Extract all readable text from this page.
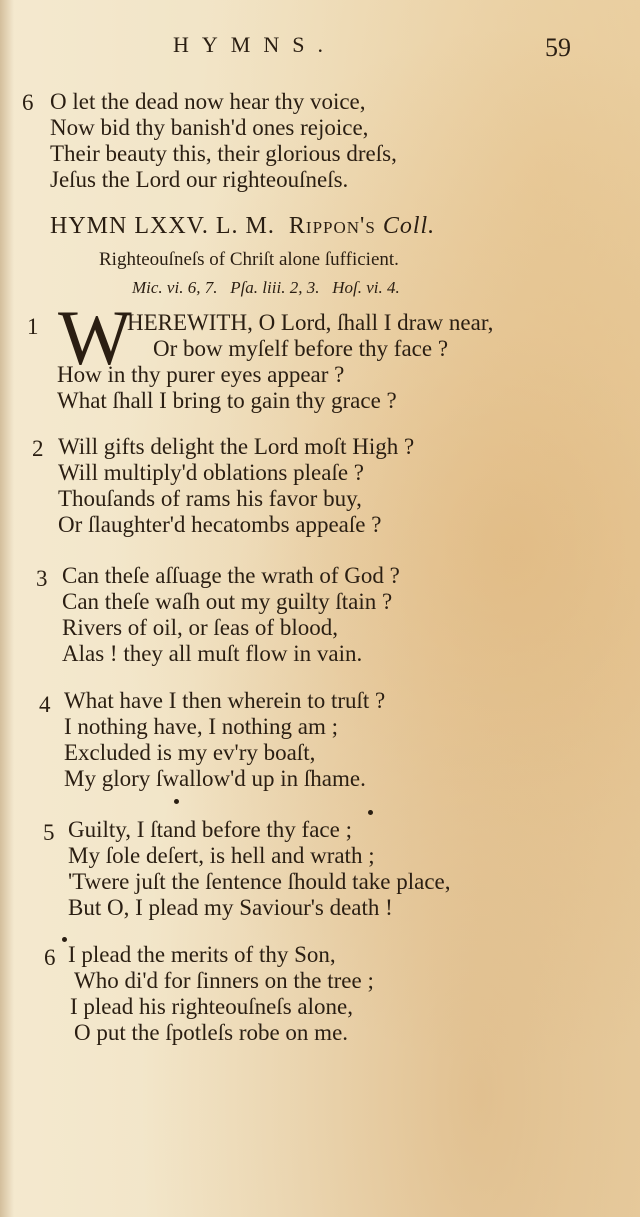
HYMNS.	59
6 O let the dead now hear thy voice,
Now bid thy banish'd ones rejoice,
Their beauty this, their glorious dreſs,
Jeſus the Lord our righteouſneſs.
HYMN LXXV. L. M. Rippon's Coll.
Righteouſneſs of Chriſt alone ſufficient.
Mic. vi. 6, 7. Pſa. liii. 2, 3. Hoſ. vi. 4.
1 W
HEREWITH, O Lord, ſhall I draw near,
Or bow myſelf before thy face ?
How in thy purer eyes appear ?
What ſhall I bring to gain thy grace ?
2 Will gifts delight the Lord moſt High ?
Will multiply'd oblations pleaſe ?
Thouſands of rams his favor buy,
Or ſlaughter'd hecatombs appeaſe ?
3 Can theſe aſſuage the wrath of God ?
Can theſe waſh out my guilty ſtain ?
Rivers of oil, or ſeas of blood,
Alas ! they all muſt flow in vain.
4 What have I then wherein to truſt ?
I nothing have, I nothing am ;
Excluded is my ev'ry boaſt,
My glory ſwallow'd up in ſhame.
5 Guilty, I ſtand before thy face ;
My ſole deſert, is hell and wrath ;
'Twere juſt the ſentence ſhould take place,
But O, I plead my Saviour's death !
6 I plead the merits of thy Son,
Who di'd for ſinners on the tree ;
I plead his righteouſneſs alone,
O put the ſpotleſs robe on me.
